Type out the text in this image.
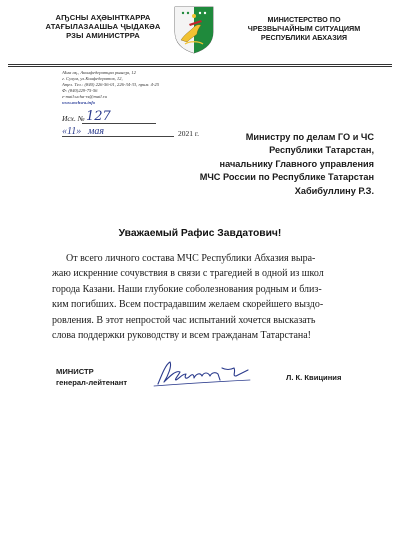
АҦСНЫ АҲӘЫНТҞАРРА
АТАҒЫЛАЗААШЬА ҶЫДАҞӘА
РЗЫ АМИНИСТРРА
МИНИСТЕРСТВО ПО
ЧРЕЗВЫЧАЙНЫМ СИТУАЦИЯМ
РЕСПУБЛИКИ АБХАЗИЯ
Аҟәа ақ., Аконфедератцәа рыҩаӡа, 12
г. Сухум, ул.Конфедератов, 12,
Аҭел. Тел.: (840) 226-56-01, 226-34-33, прим. 4-25
Ф: (840)229-75-56
e-mail:ucha-rs@mail.ru
www.mchsra.info
Исх. № 127
«11» мая	2021 г.	Министру по делам ГО и ЧС
Республики Татарстан,
начальнику Главного управления
МЧС России по Республике Татарстан
Хабибуллину Р.З.
Уважаемый Рафис Завдатович!
От всего личного состава МЧС Республики Абхазия выра-
жаю искренние сочувствия в связи с трагедией в одной из школ
города Казани. Наши глубокие соболезнования родным и близ-
ким погибших. Всем пострадавшим желаем скорейшего выздо-
ровления. В этот непростой час испытаний хочется высказать
слова поддержки руководству и всем гражданам Татарстана!
МИНИСТР
генерал-лейтенант
Л. К. Квициния
